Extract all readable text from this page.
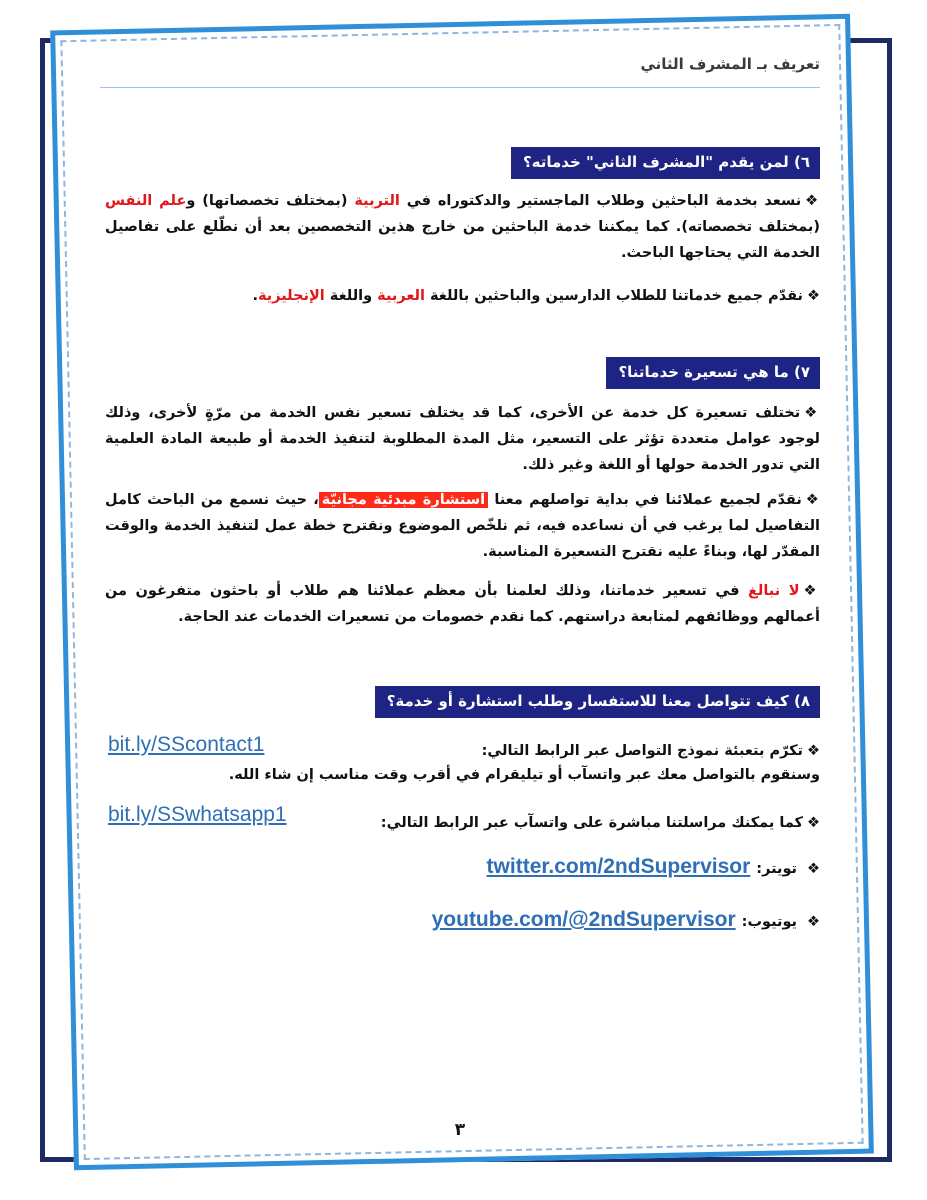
تعريف بـ المشرف الثاني
٦) لمن يقدم "المشرف الثاني" خدماته؟
❖نسعد بخدمة الباحثين وطلاب الماجستير والدكتوراه في التربية (بمختلف تخصصاتها) وعلم النفس (بمختلف تخصصاته). كما يمكننا خدمة الباحثين من خارج هذين التخصصين بعد أن نطّلع على تفاصيل الخدمة التي يحتاجها الباحث.
❖نقدّم جميع خدماتنا للطلاب الدارسين والباحثين باللغة العربية واللغة الإنجليزية.
٧) ما هي تسعيرة خدماتنا؟
❖تختلف تسعيرة كل خدمة عن الأخرى، كما قد يختلف تسعير نفس الخدمة من مرّةٍ لأخرى، وذلك لوجود عوامل متعددة تؤثر على التسعير، مثل المدة المطلوبة لتنفيذ الخدمة أو طبيعة المادة العلمية التي تدور الخدمة حولها أو اللغة وغير ذلك.
❖نقدّم لجميع عملائنا في بداية تواصلهم معنا استشارة مبدئية مجانيّة، حيث نسمع من الباحث كامل التفاصيل لما يرغب في أن نساعده فيه، ثم نلخّص الموضوع ونقترح خطة عمل لتنفيذ الخدمة والوقت المقدّر لها، وبناءً عليه نقترح التسعيرة المناسبة.
❖لا نبالغ في تسعير خدماتنا، وذلك لعلمنا بأن معظم عملائنا هم طلاب أو باحثون متفرغون من أعمالهم ووظائفهم لمتابعة دراستهم. كما نقدم خصومات من تسعيرات الخدمات عند الحاجة.
٨) كيف تتواصل معنا للاستفسار وطلب استشارة أو خدمة؟
❖تكرّم بتعبئة نموذج التواصل عبر الرابط التالي:
وسنقوم بالتواصل معك عبر واتسآب أو تيليقرام في أقرب وقت مناسب إن شاء الله.
bit.ly/SScontact1
❖كما يمكنك مراسلتنا مباشرة على واتسآب عبر الرابط التالي:
bit.ly/SSwhatsapp1
❖
تويتر:
twitter.com/2ndSupervisor
❖
يوتيوب:
youtube.com/@2ndSupervisor
٣
